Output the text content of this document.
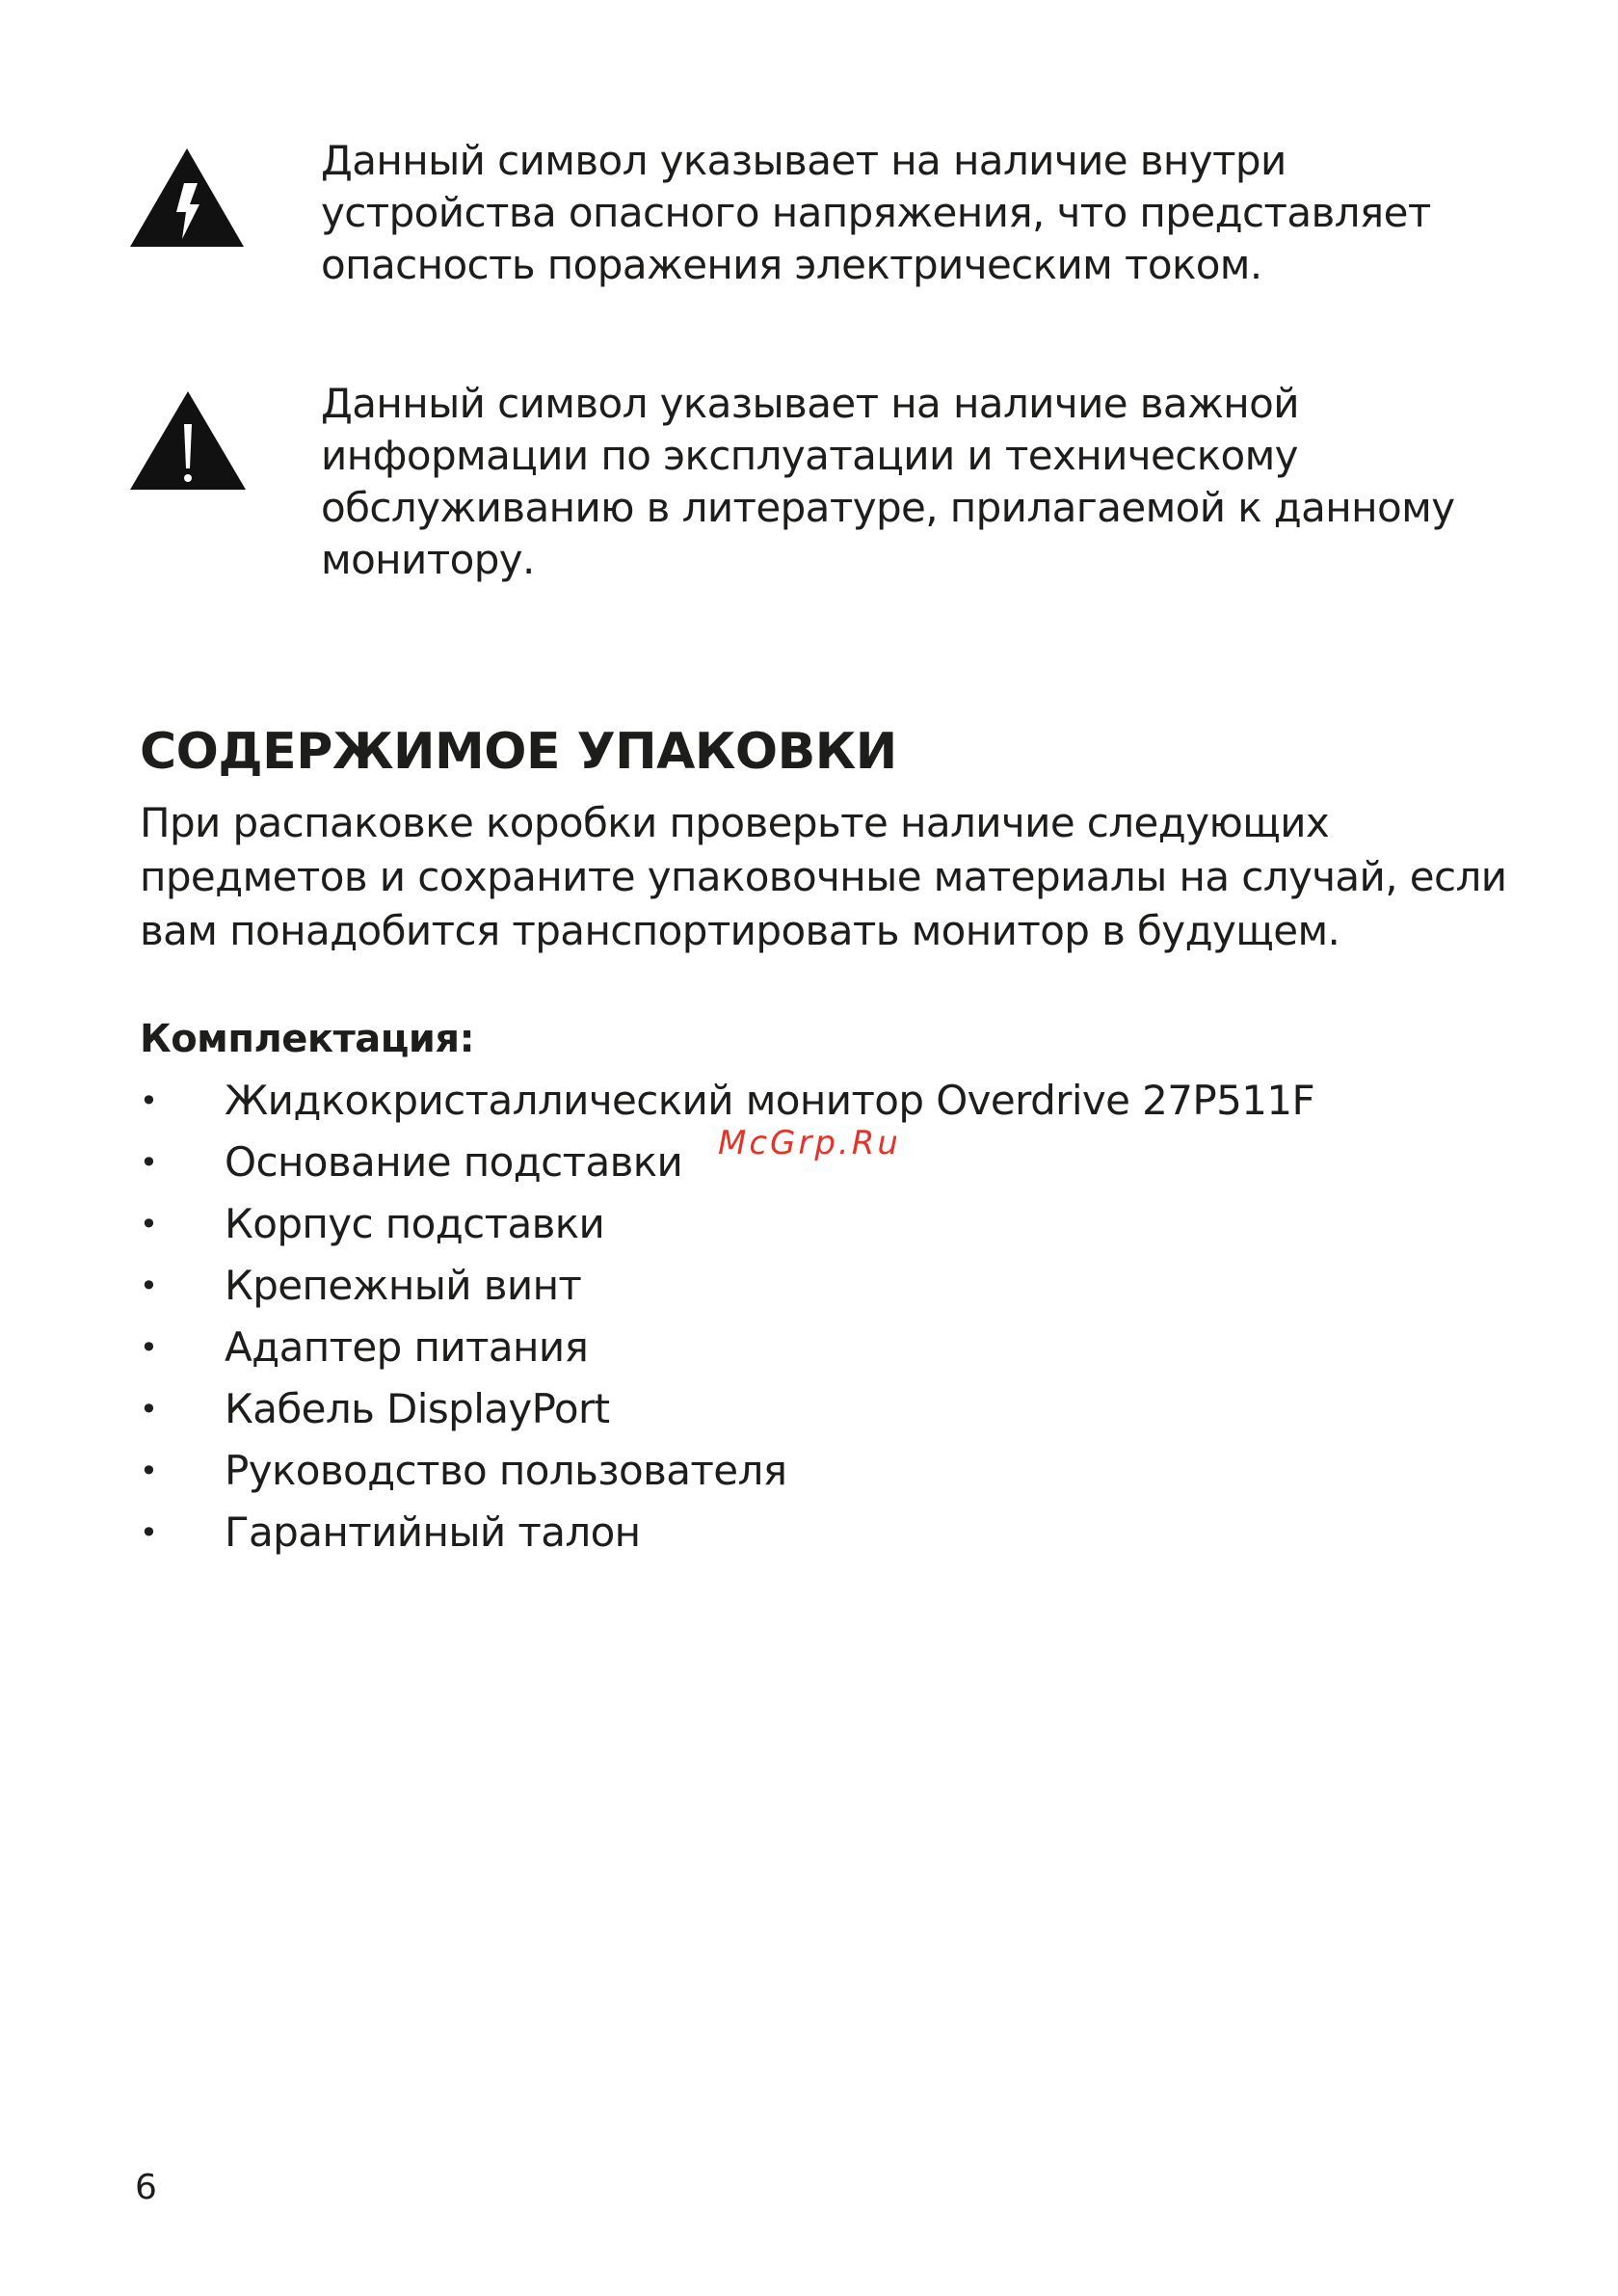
Данный символ указывает на наличие внутри
устройства опасного напряжения, что представляет
опасность поражения электрическим током.

Данный символ указывает на наличие важной
информации по эксплуатации и техническому
обслуживанию в литературе, прилагаемой к данному
монитору.

СОДЕРЖИМОЕ УПАКОВКИ

При распаковке коробки проверьте наличие следующих
предметов и сохраните упаковочные материалы на случай, если
вам понадобится транспортировать монитор в будущем.

Комплектация:

• Жидкокристаллический монитор Overdrive 27P511F
• Основание подставки
• Корпус подставки
• Крепежный винт
• Адаптер питания
• Кабель DisplayPort
• Руководство пользователя
• Гарантийный талон

McGrp.Ru

6
